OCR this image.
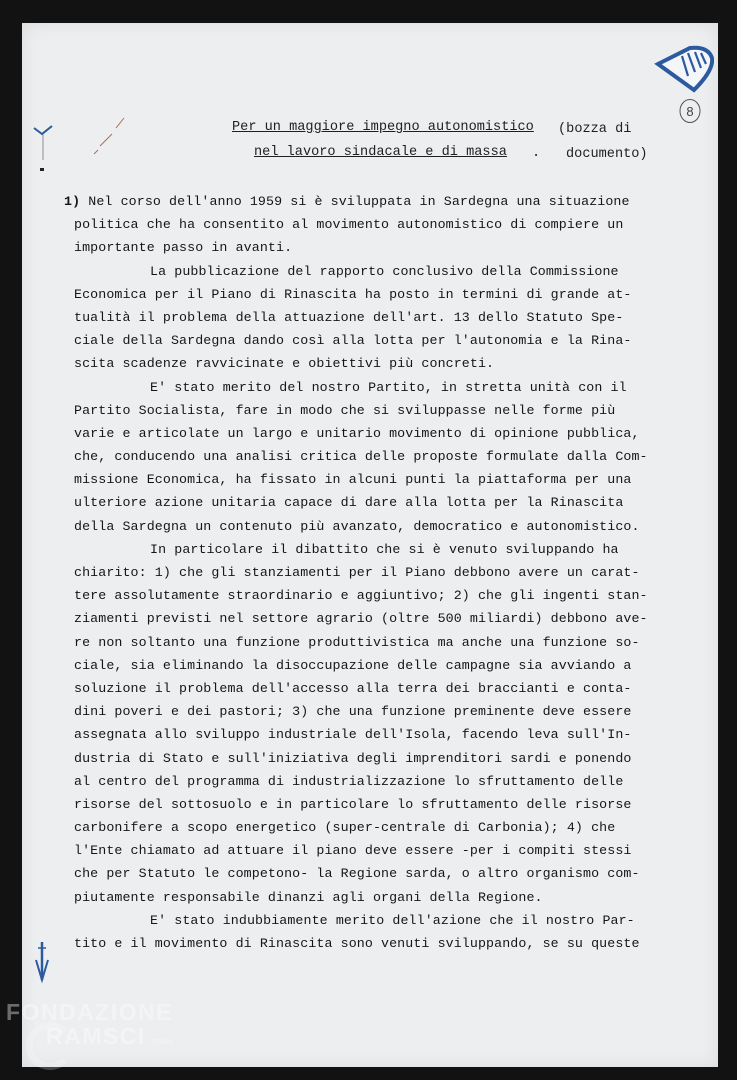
8
Per un maggiore impegno autonomistico
nel lavoro sindacale e di massa .
(bozza di
documento)
1) Nel corso dell'anno 1959 si è sviluppata in Sardegna una situazione
politica che ha consentito al movimento autonomistico di compiere un
importante passo in avanti.
La pubblicazione del rapporto conclusivo della Commissione
Economica per il Piano di Rinascita ha posto in termini di grande at-
tualità il problema della attuazione dell'art. 13 dello Statuto Spe-
ciale della Sardegna dando così alla lotta per l'autonomia e la Rina-
scita scadenze ravvicinate e obiettivi più concreti.
E' stato merito del nostro Partito, in stretta unità con il
Partito Socialista, fare in modo che si sviluppasse nelle forme più
varie e articolate un largo e unitario movimento di opinione pubblica,
che, conducendo una analisi critica delle proposte formulate dalla Com-
missione Economica, ha fissato in alcuni punti la piattaforma per una
ulteriore azione unitaria capace di dare alla lotta per la Rinascita
della Sardegna un contenuto più avanzato, democratico e autonomistico.
In particolare il dibattito che si è venuto sviluppando ha
chiarito: 1) che gli stanziamenti per il Piano debbono avere un carat-
tere assolutamente straordinario e aggiuntivo; 2) che gli ingenti stan-
ziamenti previsti nel settore agrario (oltre 500 miliardi) debbono ave-
re non soltanto una funzione produttivistica ma anche una funzione so-
ciale, sia eliminando la disoccupazione delle campagne sia avviando a
soluzione il problema dell'accesso alla terra dei braccianti e conta-
dini poveri e dei pastori; 3) che una funzione preminente deve essere
assegnata allo sviluppo industriale dell'Isola, facendo leva sull'In-
dustria di Stato e sull'iniziativa degli imprenditori sardi e ponendo
al centro del programma di industrializzazione lo sfruttamento delle
risorse del sottosuolo e in particolare lo sfruttamento delle risorse
carbonifere a scopo energetico (super-centrale di Carbonia); 4) che
l'Ente chiamato ad attuare il piano deve essere -per i compiti stessi
che per Statuto le competono- la Regione sarda, o altro organismo com-
piutamente responsabile dinanzi agli organi della Regione.
E' stato indubbiamente merito dell'azione che il nostro Par-
tito e il movimento di Rinascita sono venuti sviluppando, se su queste
FONDAZIONE
RAMSCI onlus
